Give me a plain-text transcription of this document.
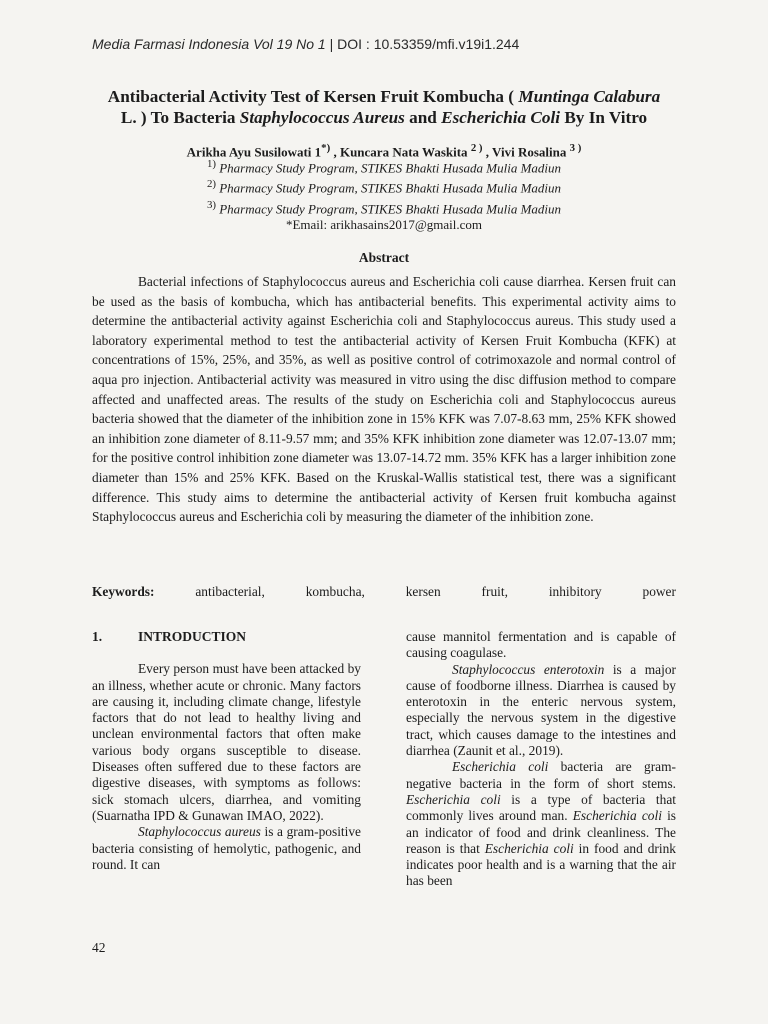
Media Farmasi Indonesia Vol 19 No 1 | DOI : 10.53359/mfi.v19i1.244
Antibacterial Activity Test of Kersen Fruit Kombucha ( Muntinga Calabura
L. ) To Bacteria Staphylococcus Aureus and Escherichia Coli By In Vitro
Arikha Ayu Susilowati 1*) , Kuncara Nata Waskita $^{2 )}$ , Vivi Rosalina $^{3 )}$
$^{1)}$ Pharmacy Study Program, STIKES Bhakti Husada Mulia Madiun
$^{2)}$ Pharmacy Study Program, STIKES Bhakti Husada Mulia Madiun
$^{3)}$ Pharmacy Study Program, STIKES Bhakti Husada Mulia Madiun
*Email: arikhasains2017@gmail.com
Abstract
Bacterial infections of Staphylococcus aureus and Escherichia coli cause diarrhea. Kersen fruit can be used as the basis of kombucha, which has antibacterial benefits. This experimental activity aims to determine the antibacterial activity against Escherichia coli and Staphylococcus aureus. This study used a laboratory experimental method to test the antibacterial activity of Kersen Fruit Kombucha (KFK) at concentrations of 15%, 25%, and 35%, as well as positive control of cotrimoxazole and normal control of aqua pro injection. Antibacterial activity was measured in vitro using the disc diffusion method to compare affected and unaffected areas. The results of the study on Escherichia coli and Staphylococcus aureus bacteria showed that the diameter of the inhibition zone in 15% KFK was 7.07-8.63 mm, 25% KFK showed an inhibition zone diameter of 8.11-9.57 mm; and 35% KFK inhibition zone diameter was 12.07-13.07 mm; for the positive control inhibition zone diameter was 13.07-14.72 mm. 35% KFK has a larger inhibition zone diameter than 15% and 25% KFK. Based on the Kruskal-Wallis statistical test, there was a significant difference. This study aims to determine the antibacterial activity of Kersen fruit kombucha against Staphylococcus aureus and Escherichia coli by measuring the diameter of the inhibition zone.
Keywords:	antibacterial,	kombucha,	kersen	fruit,	inhibitory	power
1.	INTRODUCTION

Every person must have been attacked by an illness, whether acute or chronic. Many factors are causing it, including climate change, lifestyle factors that do not lead to healthy living and unclean environmental factors that often make various body organs susceptible to disease. Diseases often suffered due to these factors are digestive diseases, with symptoms as follows: sick stomach ulcers, diarrhea, and vomiting (Suarnatha IPD & Gunawan IMAO, 2022).

Staphylococcus aureus is a gram-positive bacteria consisting of hemolytic, pathogenic, and round. It can

cause mannitol fermentation and is capable of causing coagulase.

Staphylococcus enterotoxin is a major cause of foodborne illness. Diarrhea is caused by enterotoxin in the enteric nervous system, especially the nervous system in the digestive tract, which causes damage to the intestines and diarrhea (Zaunit et al., 2019).

Escherichia coli bacteria are gram-negative bacteria in the form of short stems. Escherichia coli is a type of bacteria that commonly lives around man. Escherichia coli is an indicator of food and drink cleanliness. The reason is that Escherichia coli in food and drink indicates poor health and is a warning that the air has been

42
